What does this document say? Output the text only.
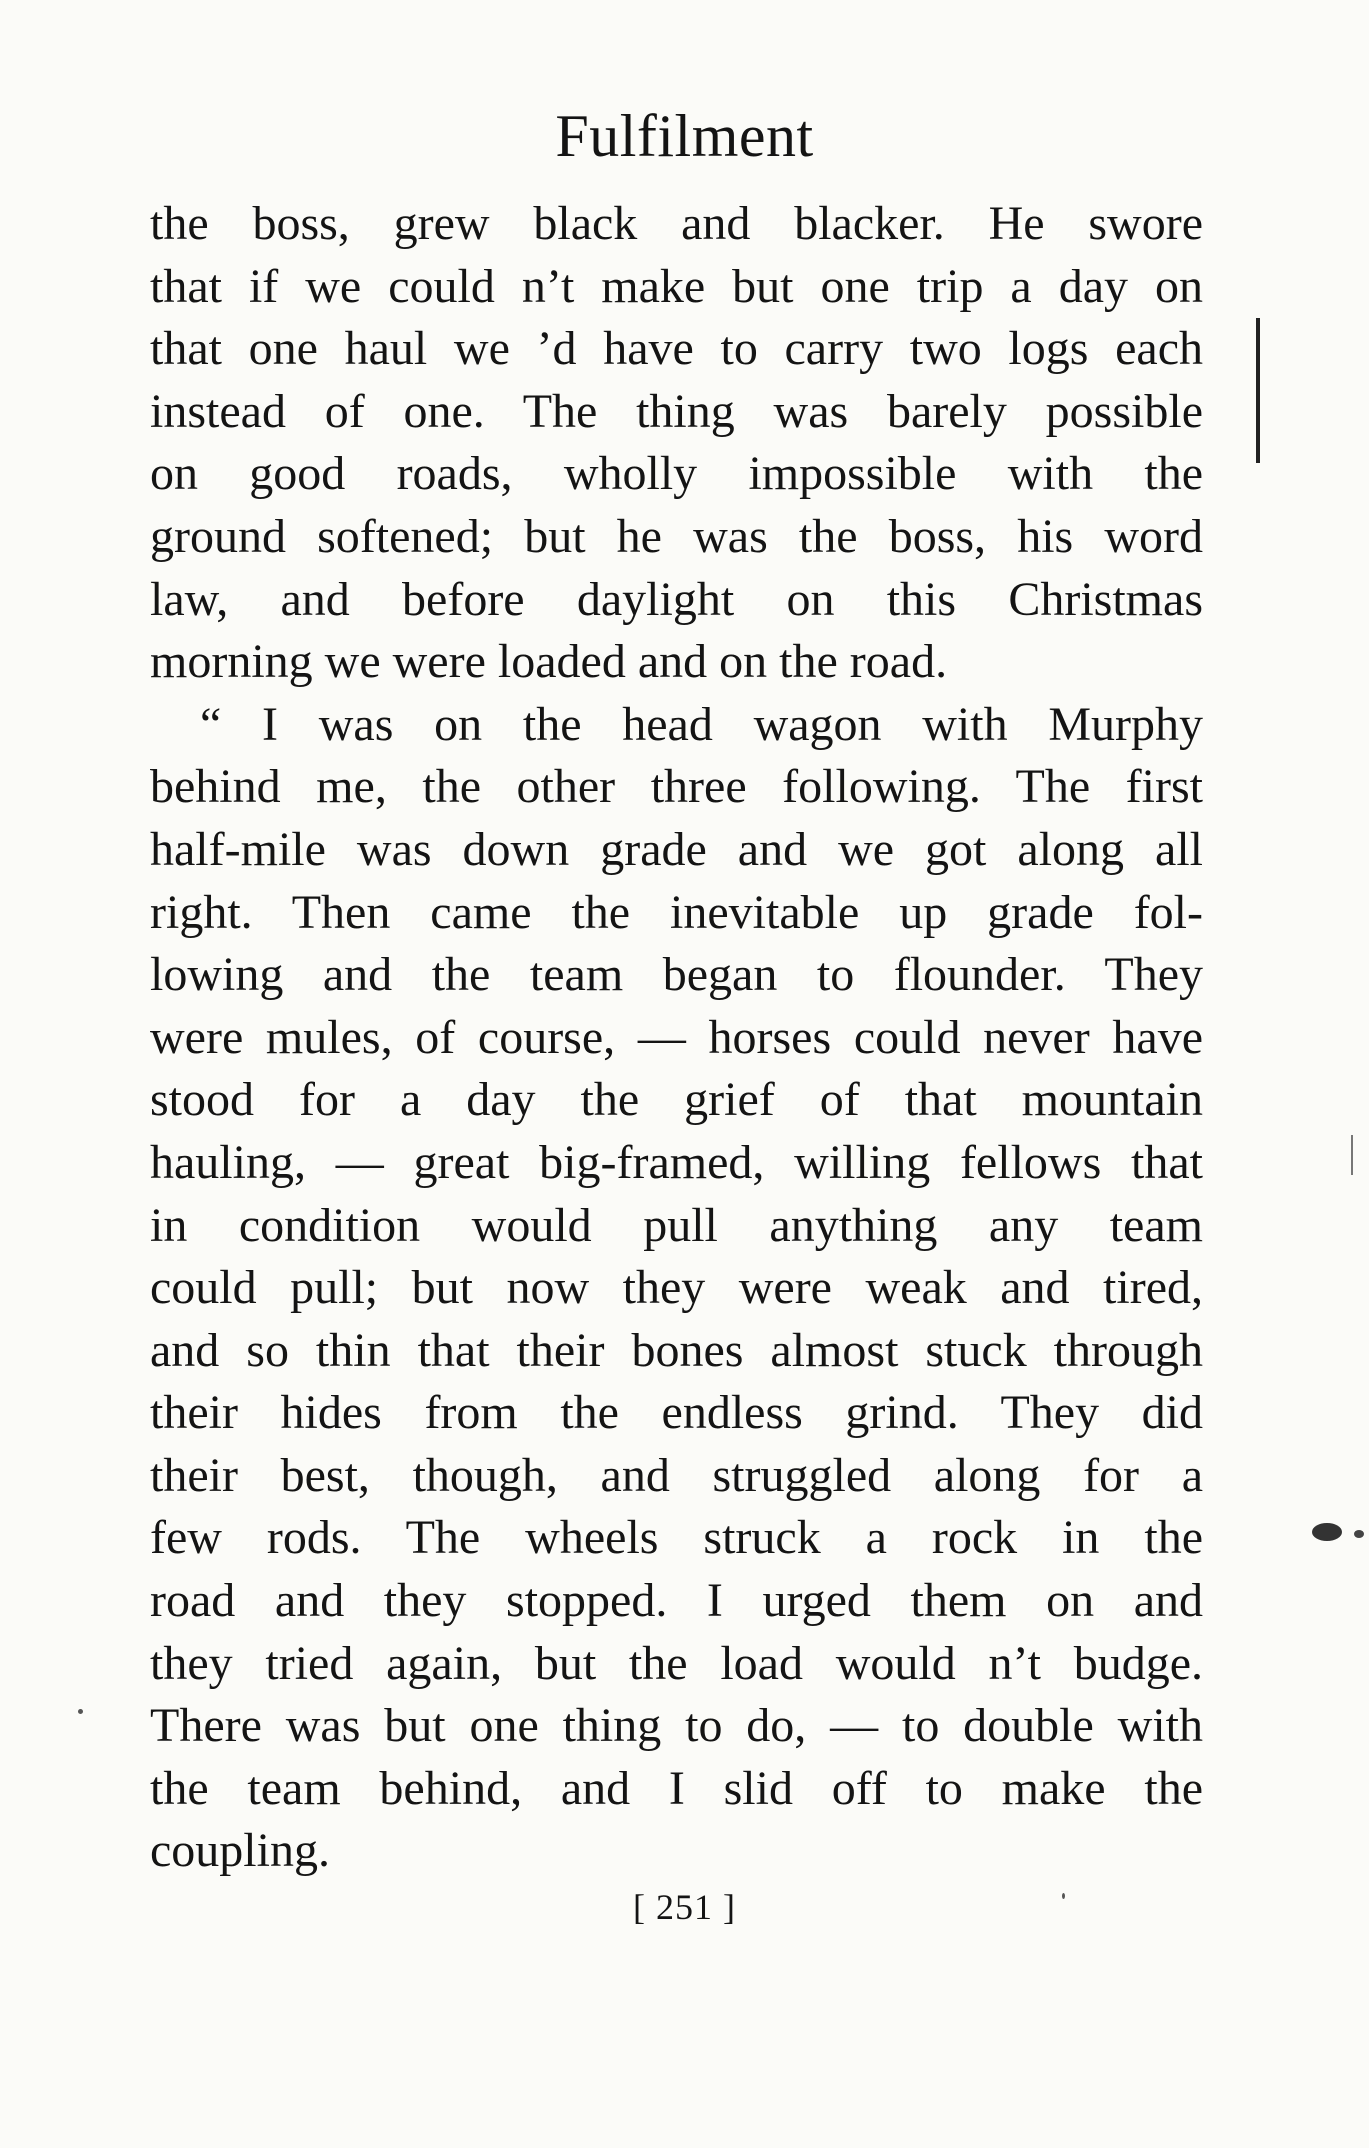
Fulfilment
the boss, grew black and blacker. He swore
that if we could n’t make but one trip a day on
that one haul we ’d have to carry two logs each
instead of one. The thing was barely possible
on good roads, wholly impossible with the
ground softened; but he was the boss, his word
law, and before daylight on this Christmas
morning we were loaded and on the road.
“ I was on the head wagon with Murphy
behind me, the other three following. The first
half-mile was down grade and we got along all
right. Then came the inevitable up grade fol-
lowing and the team began to flounder. They
were mules, of course, — horses could never have
stood for a day the grief of that mountain
hauling, — great big-framed, willing fellows that
in condition would pull anything any team
could pull; but now they were weak and tired,
and so thin that their bones almost stuck through
their hides from the endless grind. They did
their best, though, and struggled along for a
few rods. The wheels struck a rock in the
road and they stopped. I urged them on and
they tried again, but the load would n’t budge.
There was but one thing to do, — to double with
the team behind, and I slid off to make the
coupling.
[ 251 ]
